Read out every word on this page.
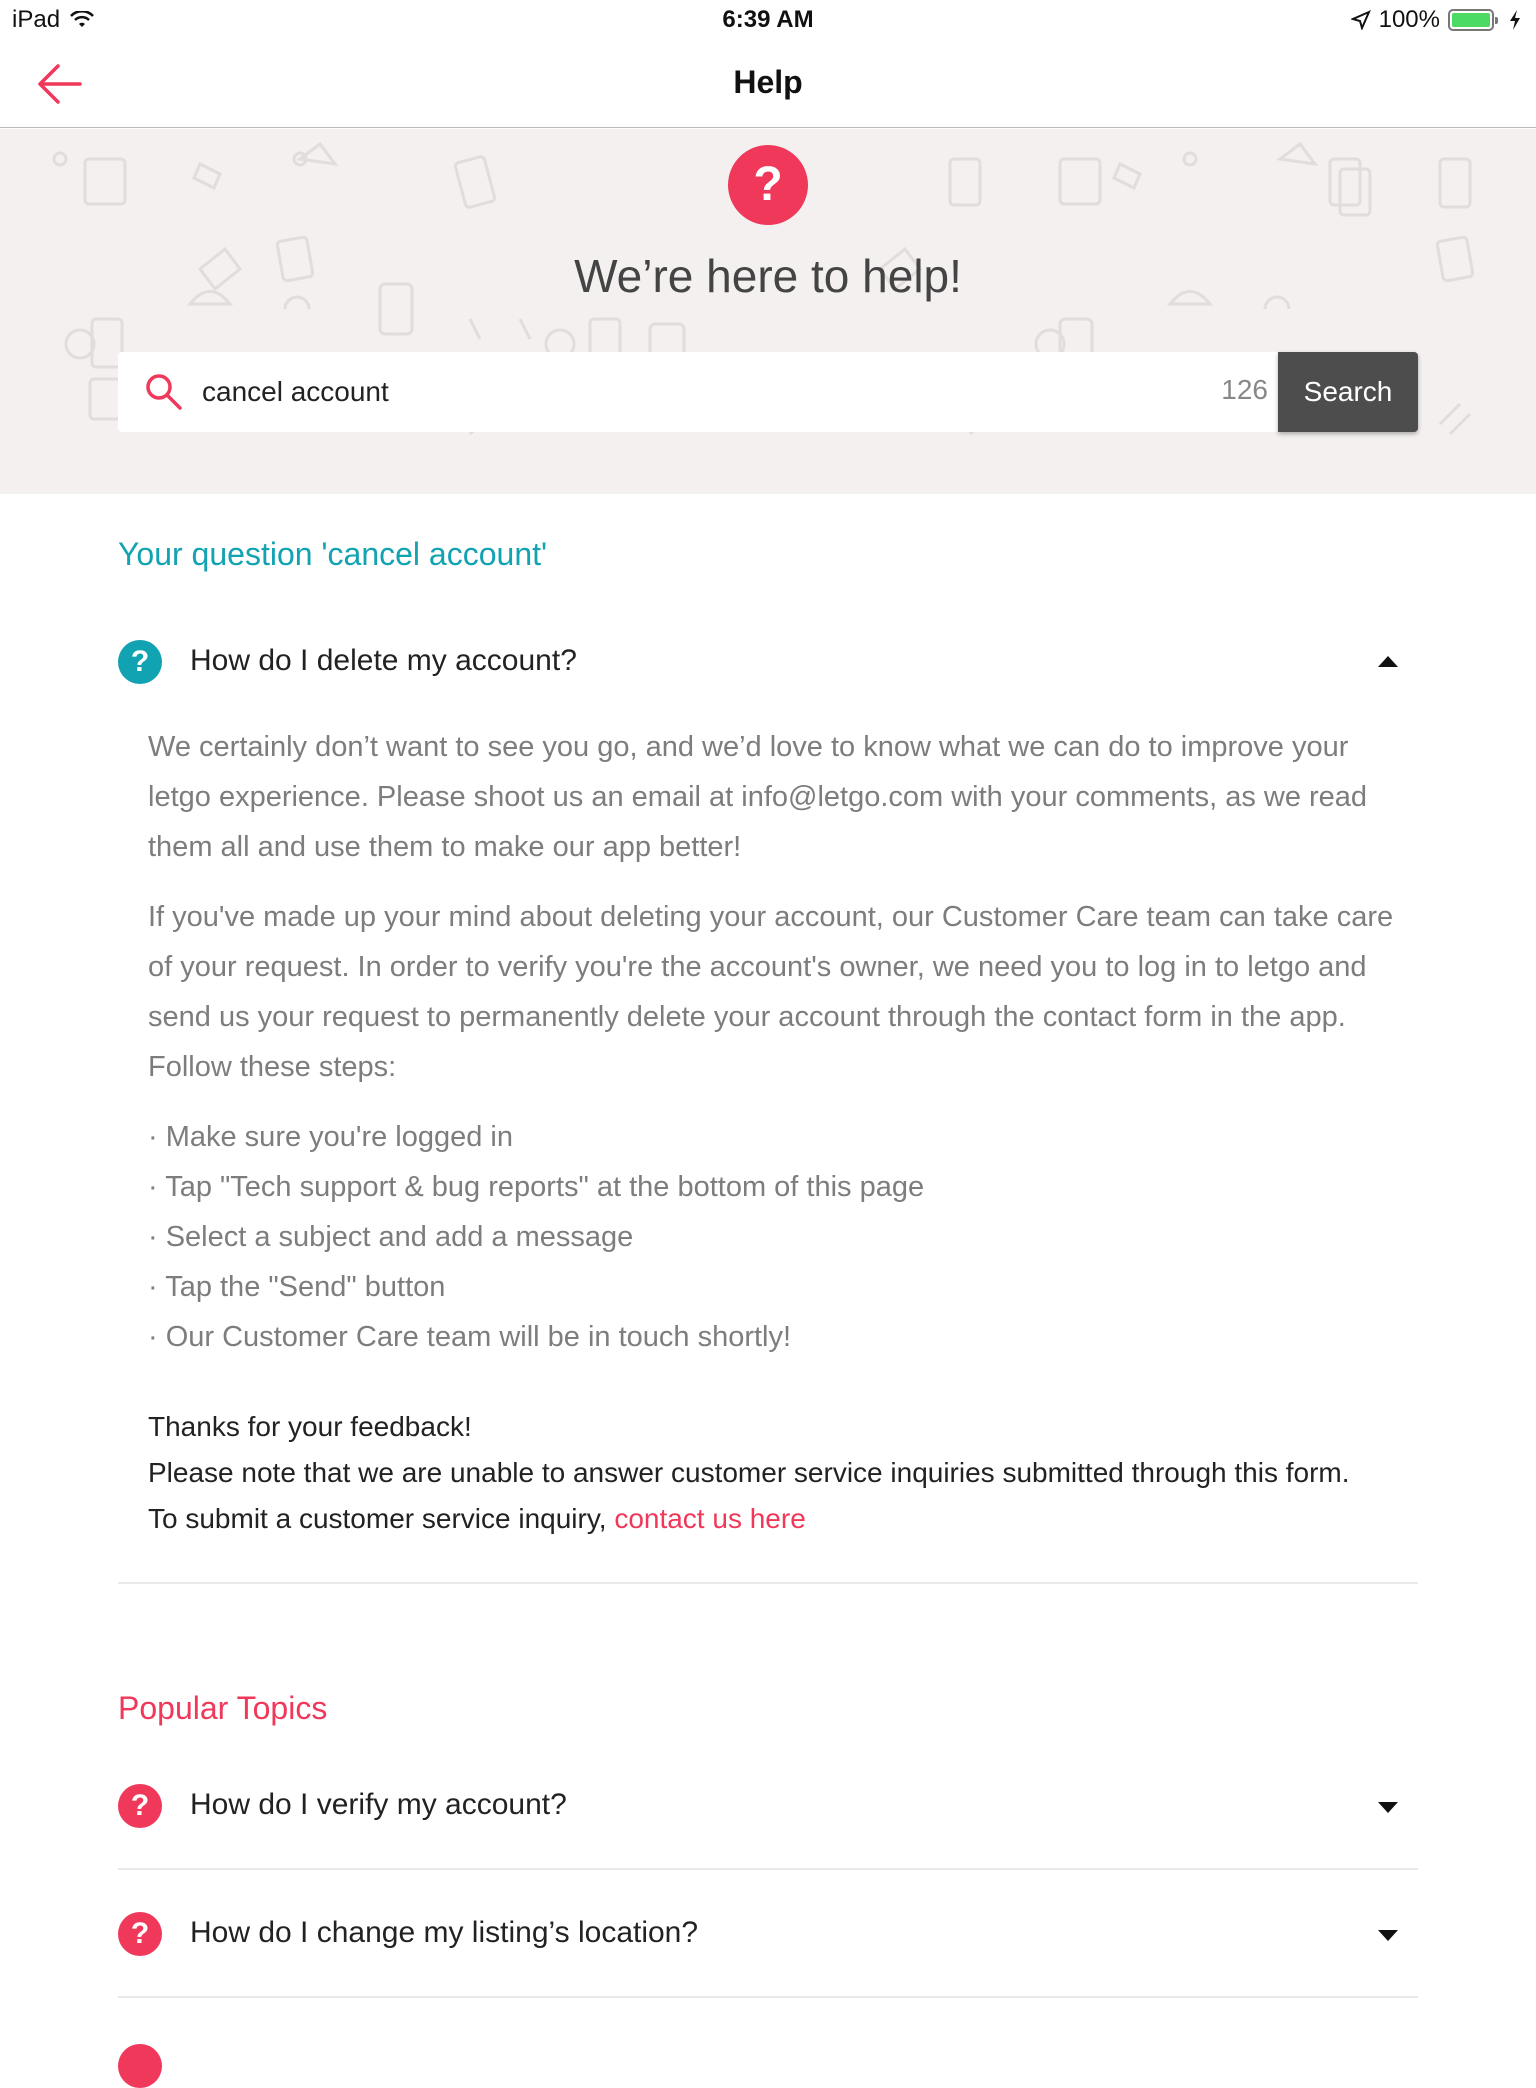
iPad	6:39 AM	100%
Help
?
We’re here to help!
cancel account
126	Search
Your question 'cancel account'
?	How do I delete my account?

We certainly don’t want to see you go, and we’d love to know what we can do to improve your letgo experience. Please shoot us an email at info@letgo.com with your comments, as we read them all and use them to make our app better!

If you've made up your mind about deleting your account, our Customer Care team can take care of your request. In order to verify you're the account's owner, we need you to log in to letgo and send us your request to permanently delete your account through the contact form in the app. Follow these steps:

· Make sure you're logged in
· Tap "Tech support & bug reports" at the bottom of this page
· Select a subject and add a message
· Tap the "Send" button
· Our Customer Care team will be in touch shortly!
Thanks for your feedback!
Please note that we are unable to answer customer service inquiries submitted through this form.
To submit a customer service inquiry, contact us here
Popular Topics
?	How do I verify my account?
?	How do I change my listing’s location?
